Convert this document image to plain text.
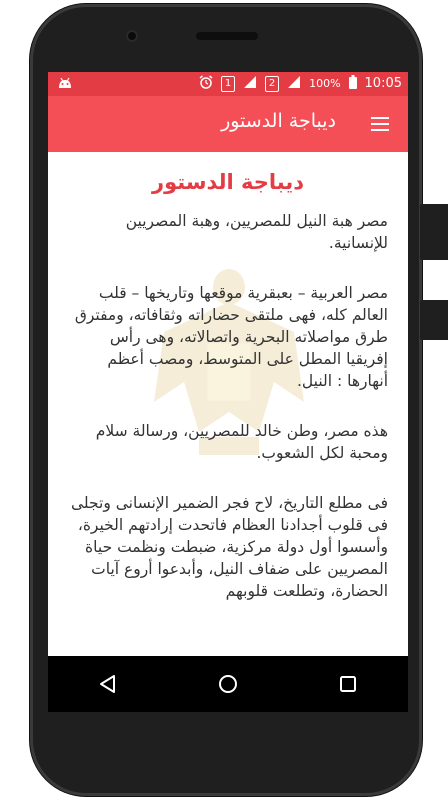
1	2	100% 10:05
ديباجة الدستور
ديباجة الدستور
مصر هبة النيل للمصريين، وهبة المصريين للإنسانية.
مصر العربية – بعبقرية موقعها وتاريخها – قلب العالم كله، فهى ملتقى حضاراته وثقافاته، ومفترق طرق مواصلاته البحرية واتصالاته، وهى رأس إفريقيا المطل على المتوسط، ومصب أعظم أنهارها : النيل.
هذه مصر، وطن خالد للمصريين، ورسالة سلام ومحبة لكل الشعوب.
فى مطلع التاريخ، لاح فجر الضمير الإنسانى وتجلى فى قلوب أجدادنا العظام فاتحدت إرادتهم الخيرة، وأسسوا أول دولة مركزية، ضبطت ونظمت حياة المصريين على ضفاف النيل، وأبدعوا أروع آيات الحضارة، وتطلعت قلوبهم
